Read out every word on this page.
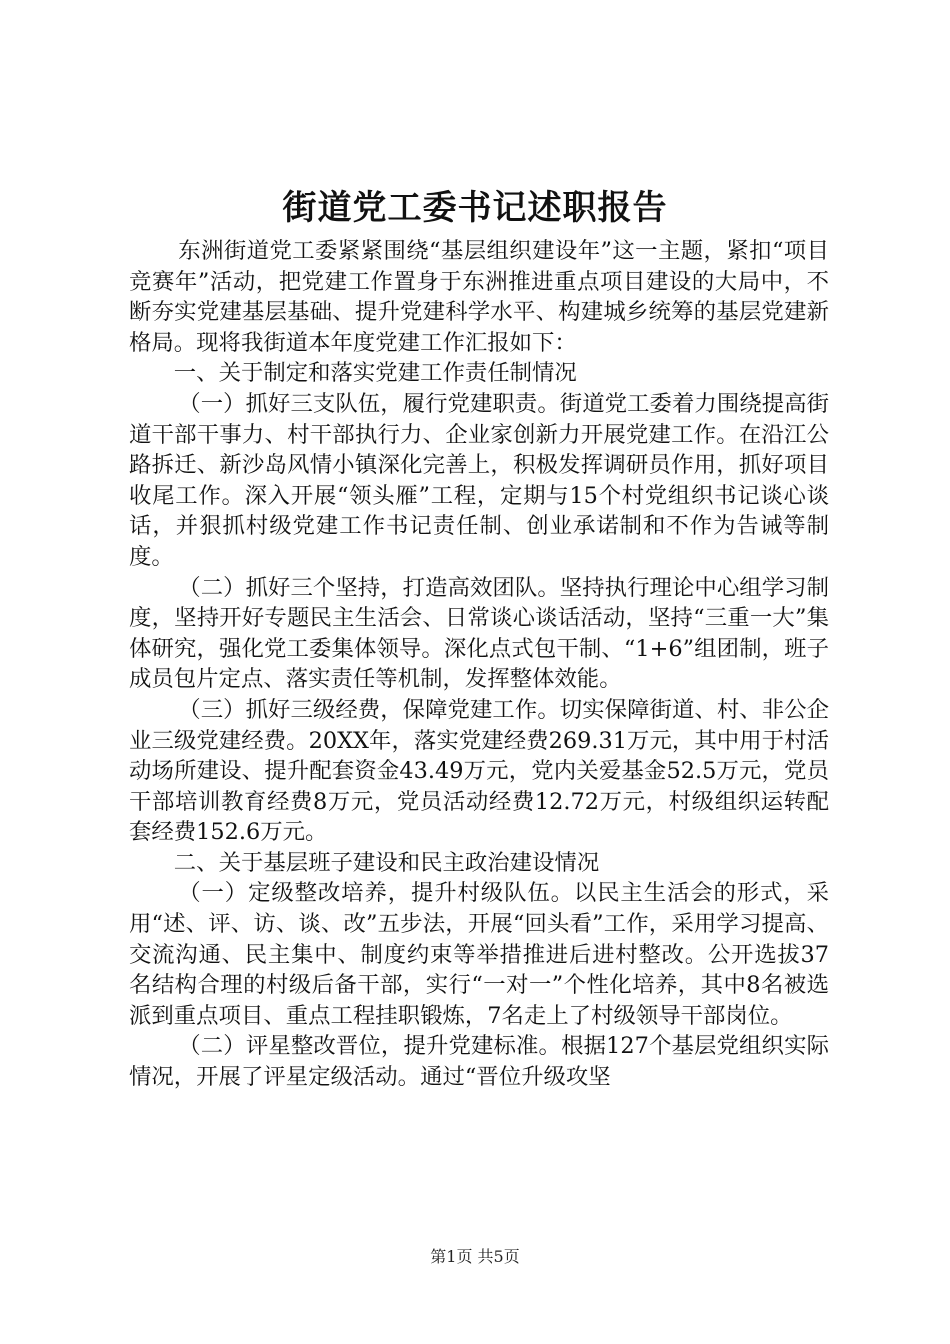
街道党工委书记述职报告

东洲街道党工委紧紧围绕“基层组织建设年”这一主题，紧扣“项目竞赛年”活动，把党建工作置身于东洲推进重点项目建设的大局中，不断夯实党建基层基础、提升党建科学水平、构建城乡统筹的基层党建新格局。现将我街道本年度党建工作汇报如下：

一、关于制定和落实党建工作责任制情况

（一）抓好三支队伍，履行党建职责。街道党工委着力围绕提高街道干部干事力、村干部执行力、企业家创新力开展党建工作。在沿江公路拆迁、新沙岛风情小镇深化完善上，积极发挥调研员作用，抓好项目收尾工作。深入开展“领头雁”工程，定期与15个村党组织书记谈心谈话，并狠抓村级党建工作书记责任制、创业承诺制和不作为告诫等制度。

（二）抓好三个坚持，打造高效团队。坚持执行理论中心组学习制度，坚持开好专题民主生活会、日常谈心谈话活动，坚持“三重一大”集体研究，强化党工委集体领导。深化点式包干制、“1+6”组团制，班子成员包片定点、落实责任等机制，发挥整体效能。

（三）抓好三级经费，保障党建工作。切实保障街道、村、非公企业三级党建经费。20XX年，落实党建经费269.31万元，其中用于村活动场所建设、提升配套资金43.49万元，党内关爱基金52.5万元，党员干部培训教育经费8万元，党员活动经费12.72万元，村级组织运转配套经费152.6万元。

二、关于基层班子建设和民主政治建设情况

（一）定级整改培养，提升村级队伍。以民主生活会的形式，采用“述、评、访、谈、改”五步法，开展“回头看”工作，采用学习提高、交流沟通、民主集中、制度约束等举措推进后进村整改。公开选拔37名结构合理的村级后备干部，实行“一对一”个性化培养，其中8名被选派到重点项目、重点工程挂职锻炼，7名走上了村级领导干部岗位。

（二）评星整改晋位，提升党建标准。根据127个基层党组织实际情况，开展了评星定级活动。通过“晋位升级攻坚

第1页 共5页
